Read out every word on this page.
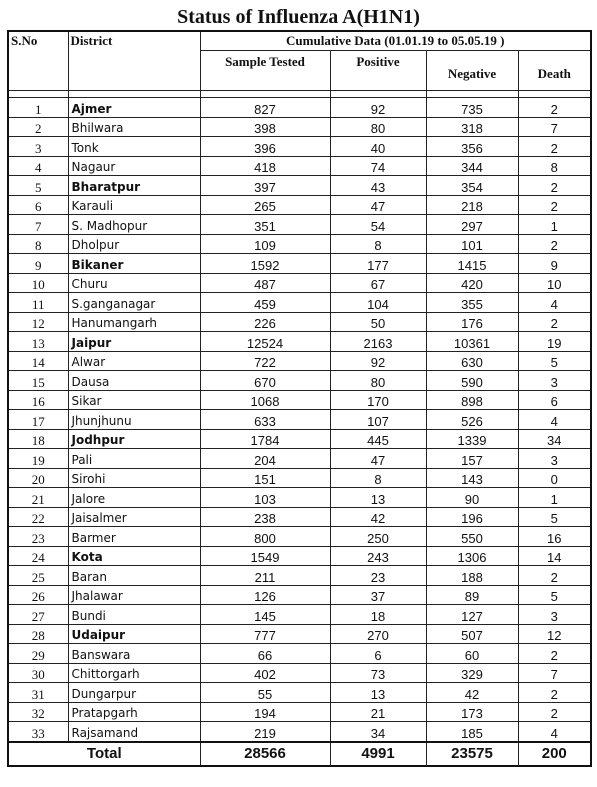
Status of Influenza A(H1N1)
S.No	District	Cumulative Data (01.01.19 to 05.05.19 )			
		Sample Tested	Positive	Negative	Death

1	Ajmer	827	92	735	2
2	Bhilwara	398	80	318	7
3	Tonk	396	40	356	2
4	Nagaur	418	74	344	8
5	Bharatpur	397	43	354	2
6	Karauli	265	47	218	2
7	S. Madhopur	351	54	297	1
8	Dholpur	109	8	101	2
9	Bikaner	1592	177	1415	9
10	Churu	487	67	420	10
11	S.ganganagar	459	104	355	4
12	Hanumangarh	226	50	176	2
13	Jaipur	12524	2163	10361	19
14	Alwar	722	92	630	5
15	Dausa	670	80	590	3
16	Sikar	1068	170	898	6
17	Jhunjhunu	633	107	526	4
18	Jodhpur	1784	445	1339	34
19	Pali	204	47	157	3
20	Sirohi	151	8	143	0
21	Jalore	103	13	90	1
22	Jaisalmer	238	42	196	5
23	Barmer	800	250	550	16
24	Kota	1549	243	1306	14
25	Baran	211	23	188	2
26	Jhalawar	126	37	89	5
27	Bundi	145	18	127	3
28	Udaipur	777	270	507	12
29	Banswara	66	6	60	2
30	Chittorgarh	402	73	329	7
31	Dungarpur	55	13	42	2
32	Pratapgarh	194	21	173	2
33	Rajsamand	219	34	185	4
Total		28566	4991	23575	200
